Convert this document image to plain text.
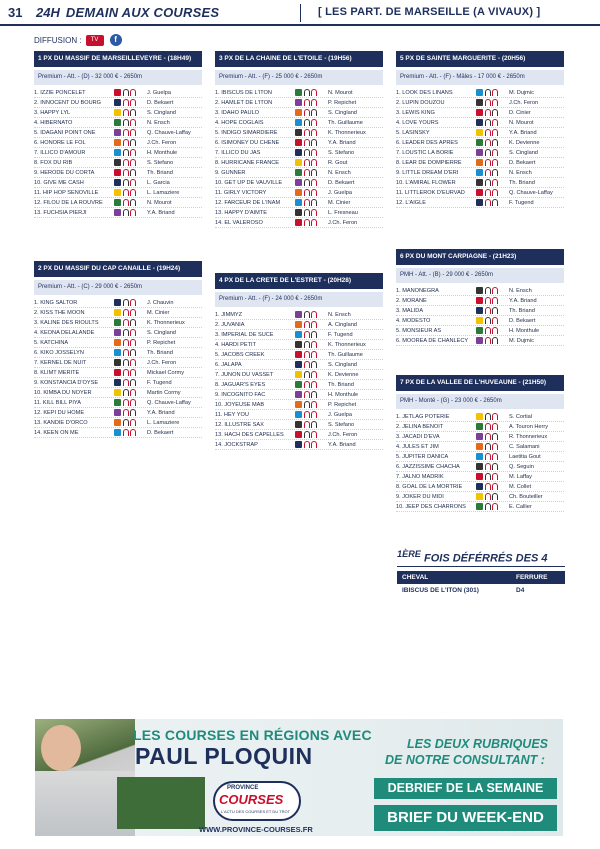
31	24H DEMAIN AUX COURSES	[ LES PART. DE MARSEILLE (A VIVAUX) ]
DIFFUSION :	TV	f
1 PX DU MASSIF DE MARSEILLEVEYRE - (18H49)
Premium - Att. - (D) - 32 000 € - 2650m
1. IZZIE PONCELET	J. Guelpa
2. INNOCENT DU BOURG	D. Bekaert
3. HAPPY LYL	S. Cingland
4. HIBERNATO	N. Ensch
5. IDAGANI POINT ONE	Q. Chauve-Laffay
6. HONORE LE FOL	J.Ch. Feron
7. ILLICO D'AMOUR	H. Monthule
8. FOX DU RIB	S. Stefano
9. HERODE DU CORTA	Th. Briand
10. GIVE ME CASH	L. Garcia
11. HIP HOP SENOVILLE	L. Lamaziere
12. FILOU DE LA ROUVRE	N. Mourot
13. FUCHSIA PIERJI	Y.A. Briand
3 PX DE LA CHAINE DE L'ETOILE - (19H56)
Premium - Att. - (F) - 25 000 € - 2650m
1. IBISCUS DE L'ITON	N. Mourot
2. HAMLET DE L'ITON	P. Repichet
3. IDAHO PAULO	S. Cingland
4. HOPE COGLAIS	Th. Guillaume
5. INDIGO SIMARDIERE	K. Thonnerieux
6. ISIMONEY DU CHENE	Y.A. Briand
7. ILLICO DU JAS	S. Stefano
8. HURRICANE FRANCE	R. Gout
9. GUNNER	N. Ensch
10. GET UP DE VAUVILLE	D. Bekaert
11. GIRLY VICTORY	J. Guelpa
12. FARCEUR DE L'INAM	M. Cinier
13. HAPPY D'AIMTE	L. Fresneau
14. EL VALEROSO	J.Ch. Feron
5 PX DE SAINTE MARGUERITE - (20H56)
Premium - Att. - (F) - Mâles - 17 000 € - 2650m
1. LOOK DES LINANS	M. Dujmic
2. LUPIN DOUZOU	J.Ch. Feron
3. LEWIS KING	D. Cinier
4. LOVE YOURS	N. Mourot
5. LASINSKY	Y.A. Briand
6. LEADER DES APRES	K. Devienne
7. LOUSTIC LA BORIE	S. Cingland
8. LEAR DE DOMPIERRE	D. Bekaert
9. LITTLE DREAM D'ERI	N. Ensch
10. L'AMIRAL FLOWER	Th. Briand
11. LITTLEROK D'EURVAD	Q. Chauve-Laffay
12. L'AIGLE	F. Tugend
2 PX DU MASSIF DU CAP CANAILLE - (19H24)
Premium - Att. - (C) - 29 000 € - 2650m
1. KING SALTOR	J. Chauvin
2. KISS THE MOON	M. Cinier
3. KALINE DES RIOULTS	K. Thonnerieux
4. KEONA DELALANDE	S. Cingland
5. KATCHINA	P. Repichet
6. KIKO JOSSELYN	Th. Briand
7. KERNEL DE NUIT	J.Ch. Feron
8. KLIMT MERITE	Mickael Cormy
9. KONSTANCIA D'OYSE	F. Tugend
10. KIMBA DU NOYER	Martin Cormy
11. KILL BILL PIYA	Q. Chauve-Laffay
12. KEPI DU HOME	Y.A. Briand
13. KANDIE D'ORCO	L. Lamaziere
14. KEEN ON ME	D. Bekaert
4 PX DE LA CRETE DE L'ESTRET - (20H28)
Premium - Att. - (F) - 24 000 € - 2650m
1. JIMMYZ	N. Ensch
2. JUVANIA	A. Cingland
3. IMPERIAL DE SUCE	F. Tugend
4. HARDI PETIT	K. Thonnerieux
5. JACOBS CREEK	Th. Guillaume
6. JALAPA	S. Cingland
7. JUNON DU VASSET	K. Devienne
8. JAGUAR'S EYES	Th. Briand
9. INCOGNITO FAC	H. Monthule
10. JOYEUSE MAB	P. Repichet
11. HEY YOU	J. Guelpa
12. ILLUSTRE SAX	S. Stefano
13. HACH DES CAPELLES	J.Ch. Feron
14. JOCKSTRAP	Y.A. Briand
6 PX DU MONT CARPIAGNE - (21H23)
PMH - Att. - (B) - 29 000 € - 2650m
1. MANONEGRA	N. Ensch
2. MORANE	Y.A. Briand
3. MALIDA	Th. Briand
4. MODESTO	D. Bekaert
5. MONSIEUR AS	H. Monthule
6. MOOREA DE CHANLECY	M. Dujmic
7 PX DE LA VALLEE DE L'HUVEAUNE - (21H50)
PMH - Monté - (G) - 23 000 € - 2650m
1. JETLAG POTERIE	S. Cortial
2. JELINA BENOIT	A. Touron Herry
3. JACADI D'EVA	R. Thonnerieux
4. JULES ET JIM	C. Salamani
5. JUPITER DANICA	Laetitia Gout
6. JAZZISSIME CHACHA	Q. Seguin
7. JALNO MADRIK	M. Laffay
8. GOAL DE LA MORTRIE	M. Collet
9. JOKER DU MIDI	Ch. Bouteiller
10. JEEP DES CHARRONS	E. Callier
$^{1ÈRE}$ FOIS DÉFÉRRÉS DES 4
CHEVAL	FERRURE
IBISCUS DE L'ITON (301)	D4
LES COURSES EN RÉGIONS AVEC
PAUL PLOQUIN	LES DEUX RUBRIQUES
DE NOTRE CONSULTANT :
PROVINCE
COURSES
L'ACTU DES COURSES ET DU TROT
WWW.PROVINCE-COURSES.FR
DEBRIEF DE LA SEMAINE
BRIEF DU WEEK-END
